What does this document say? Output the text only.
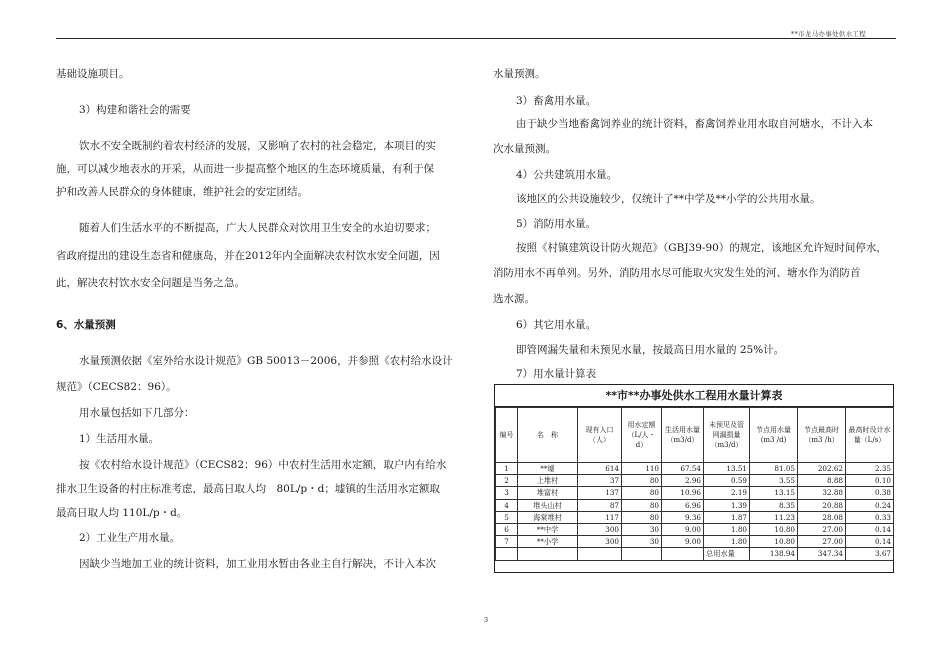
**市龙马办事处供水工程
基础设施项目。
3）构建和谐社会的需要
饮水不安全既制约着农村经济的发展，又影响了农村的社会稳定，本项目的实
施，可以减少地表水的开采，从而进一步提高整个地区的生态环境质量，有利于保
护和改善人民群众的身体健康，维护社会的安定团结。
随着人们生活水平的不断提高，广大人民群众对饮用卫生安全的水迫切要求；
省政府提出的建设生态省和健康岛，并在2012年内全面解决农村饮水安全问题，因
此，解决农村饮水安全问题是当务之急。
6、水量预测
水量预测依据《室外给水设计规范》GB 50013－2006，并参照《农村给水设计
规范》（CECS82：96）。
用水量包括如下几部分：
1）生活用水量。
按《农村给水设计规范》（CECS82：96）中农村生活用水定额，取户内有给水
排水卫生设备的村庄标准考虑，最高日取人均　80L/p・d；墟镇的生活用水定额取
最高日取人均 110L/p・d。
2）工业生产用水量。
因缺少当地加工业的统计资料，加工业用水暂由各业主自行解决，不计入本次
水量预测。
3）畜禽用水量。
由于缺少当地畜禽饲养业的统计资料，畜禽饲养业用水取自河塘水，不计入本
次水量预测。
4）公共建筑用水量。
该地区的公共设施较少，仅统计了**中学及**小学的公共用水量。
5）消防用水量。
按照《村镇建筑设计防火规范》（GBJ39-90）的规定，该地区允许短时间停水，
消防用水不再单列。另外，消防用水尽可能取火灾发生处的河、塘水作为消防首
选水源。
6）其它用水量。
即管网漏失量和未预见水量，按最高日用水量的 25%计。
7）用水量计算表
**市**办事处供水工程用水量计算表
编号	名　称	现有人口（人）	用水定额（L/人・d）	生活用水量（m3/d）	未预见及管网漏损量（m3/d）	节点用水量(m3 /d)	节点最高时（m3 /h）	最高时设计水量（L/s）
1	**墟	614	110	67.54	13.51	81.05	202.62	2.35
2	上堆村	37	80	2.96	0.59	3.55	8.88	0.10
3	堆富村	137	80	10.96	2.19	13.15	32.88	0.38
4	堆头山村	87	80	6.96	1.39	8.35	20.88	0.24
5	海棠堆村	117	80	9.36	1.87	11.23	28.08	0.33
6	**中学	300	30	9.00	1.80	10.80	27.00	0.14
7	**小学	300	30	9.00	1.80	10.80	27.00	0.14
					总用水量	138.94	347.34	3.67
3
